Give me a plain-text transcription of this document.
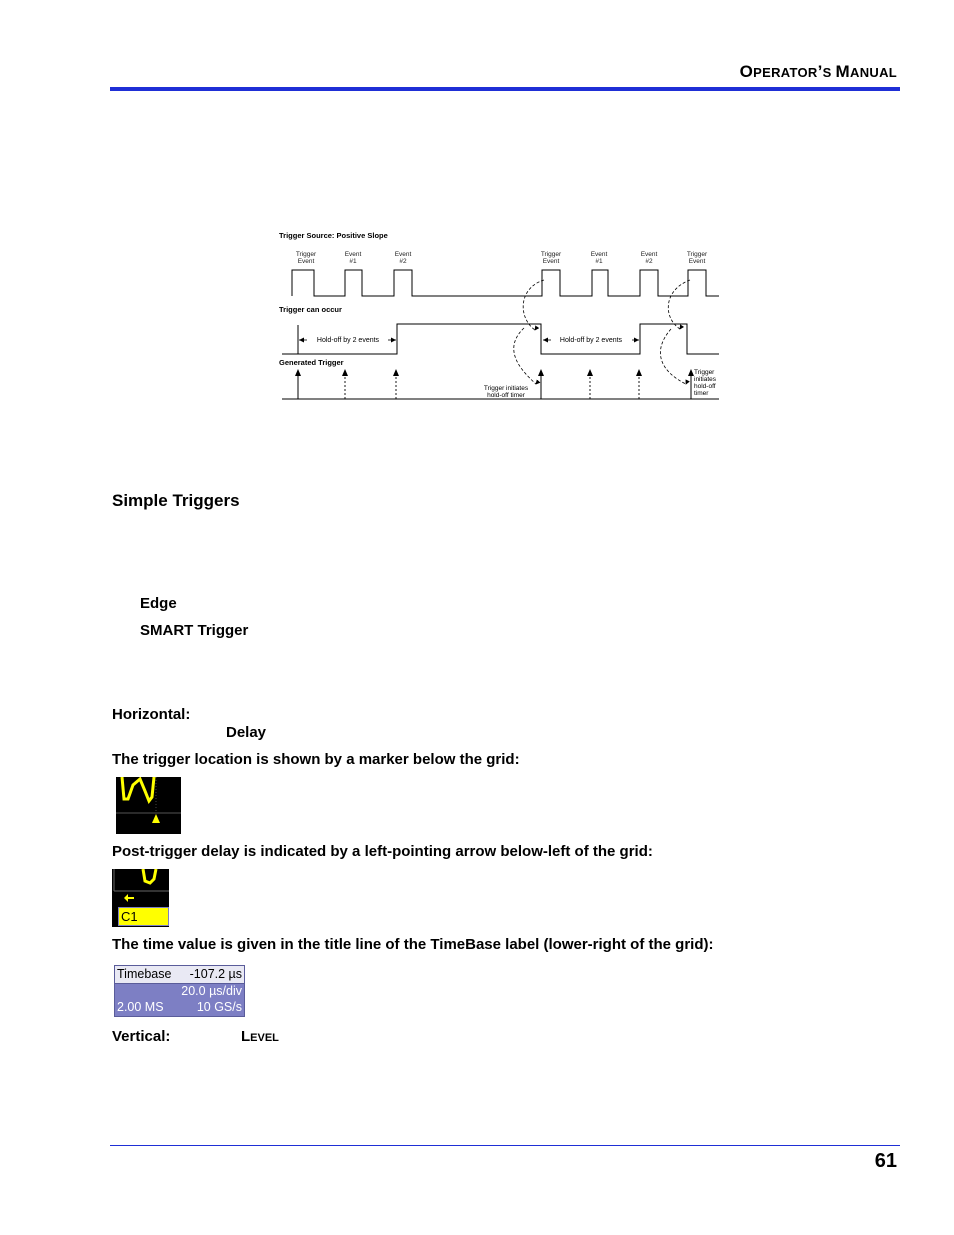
OPERATOR’S MANUAL
Trigger Source: Positive Slope
Trigger
Event
Event
#1
Event
#2
Trigger
Event
Event
#1
Event
#2
Trigger
Event
Trigger can occur
Hold-off by 2 events	Hold-off by 2 events
Generated Trigger
Trigger initiates
hold-off timer
Trigger
initiates
hold-off
timer
Simple Triggers
Edge
SMART Trigger
Horizontal:
Delay
The trigger location is shown by a marker below the grid:
Post-trigger delay is indicated by a left-pointing arrow below-left of the grid:
C1
The time value is given in the title line of the TimeBase label (lower-right of the grid):
Timebase -107.2 µs
20.0 µs/div
2.00 MS	10 GS/s
Vertical:	LEVEL
61
